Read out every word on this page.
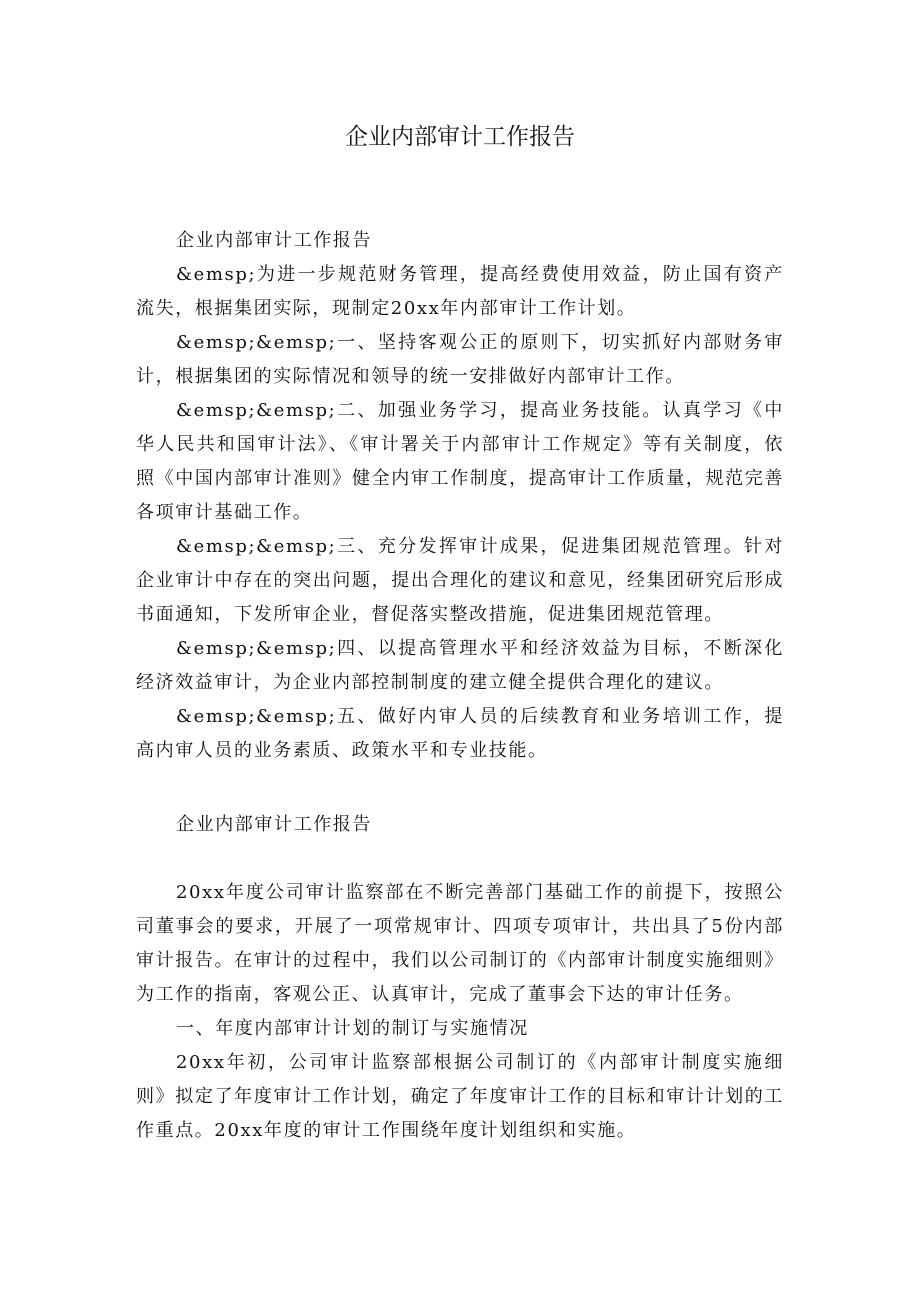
企业内部审计工作报告

企业内部审计工作报告

&emsp;为进一步规范财务管理，提高经费使用效益，防止国有资产流失，根据集团实际，现制定20xx年内部审计工作计划。

&emsp;&emsp;一、坚持客观公正的原则下，切实抓好内部财务审计，根据集团的实际情况和领导的统一安排做好内部审计工作。

&emsp;&emsp;二、加强业务学习，提高业务技能。认真学习《中华人民共和国审计法》、《审计署关于内部审计工作规定》等有关制度，依照《中国内部审计准则》健全内审工作制度，提高审计工作质量，规范完善各项审计基础工作。

&emsp;&emsp;三、充分发挥审计成果，促进集团规范管理。针对企业审计中存在的突出问题，提出合理化的建议和意见，经集团研究后形成书面通知，下发所审企业，督促落实整改措施，促进集团规范管理。

&emsp;&emsp;四、以提高管理水平和经济效益为目标，不断深化经济效益审计，为企业内部控制制度的建立健全提供合理化的建议。

&emsp;&emsp;五、做好内审人员的后续教育和业务培训工作，提高内审人员的业务素质、政策水平和专业技能。

企业内部审计工作报告

20xx年度公司审计监察部在不断完善部门基础工作的前提下，按照公司董事会的要求，开展了一项常规审计、四项专项审计，共出具了5份内部审计报告。在审计的过程中，我们以公司制订的《内部审计制度实施细则》为工作的指南，客观公正、认真审计，完成了董事会下达的审计任务。

一、年度内部审计计划的制订与实施情况

20xx年初，公司审计监察部根据公司制订的《内部审计制度实施细则》拟定了年度审计工作计划，确定了年度审计工作的目标和审计计划的工作重点。20xx年度的审计工作围绕年度计划组织和实施。
